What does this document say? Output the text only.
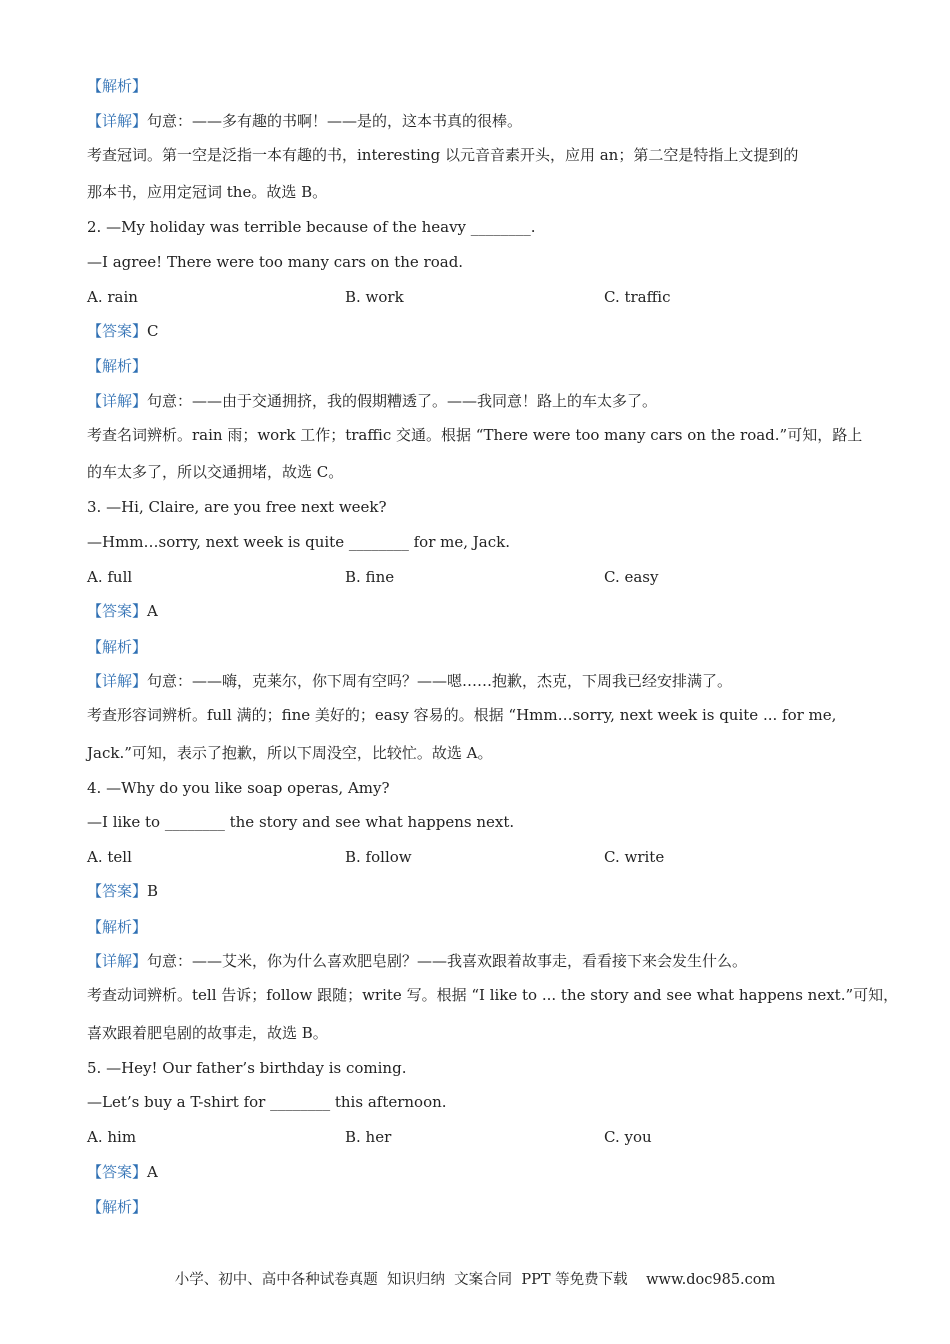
【解析】
【详解】句意：——多有趣的书啊！——是的，这本书真的很棒。
考查冠词。第一空是泛指一本有趣的书，interesting 以元音音素开头，应用 an；第二空是特指上文提到的
那本书，应用定冠词 the。故选 B。
2. —My holiday was terrible because of the heavy ________.
—I agree! There were too many cars on the road.
A. rain	B. work	C. traffic
【答案】C
【解析】
【详解】句意：——由于交通拥挤，我的假期糟透了。——我同意！路上的车太多了。
考查名词辨析。rain 雨；work 工作；traffic 交通。根据 “There were too many cars on the road.”可知，路上
的车太多了，所以交通拥堵，故选 C。
3. —Hi, Claire, are you free next week?
—Hmm…sorry, next week is quite ________ for me, Jack.
A. full	B. fine	C. easy
【答案】A
【解析】
【详解】句意：——嗨，克莱尔，你下周有空吗？——嗯……抱歉，杰克，下周我已经安排满了。
考查形容词辨析。full 满的；fine 美好的；easy 容易的。根据 “Hmm…sorry, next week is quite ... for me,
Jack.”可知，表示了抱歉，所以下周没空，比较忙。故选 A。
4. —Why do you like soap operas, Amy?
—I like to ________ the story and see what happens next.
A. tell	B. follow	C. write
【答案】B
【解析】
【详解】句意：——艾米，你为什么喜欢肥皂剧？——我喜欢跟着故事走，看看接下来会发生什么。
考查动词辨析。tell 告诉；follow 跟随；write 写。根据 “I like to ... the story and see what happens next.”可知，
喜欢跟着肥皂剧的故事走，故选 B。
5. —Hey! Our father’s birthday is coming.
—Let’s buy a T-shirt for ________ this afternoon.
A. him	B. her	C. you
【答案】A
【解析】
小学、初中、高中各种试卷真题  知识归纳  文案合同  PPT 等免费下载    www.doc985.com
